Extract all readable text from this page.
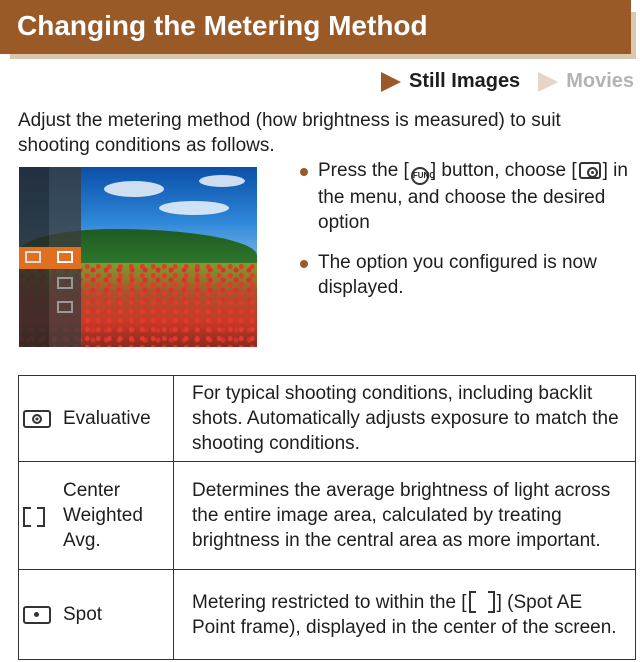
Changing the Metering Method
Still Images Movies

Adjust the metering method (how brightness is measured) to suit shooting conditions as follows.

Press the [ FUNC] button, choose [ ] in the menu, and choose the desired option
The option you configured is now displayed.
Evaluative	For typical shooting conditions, including backlit shots. Automatically adjusts exposure to match the shooting conditions.

Center Weighted Avg.	Determines the average brightness of light across the entire image area, calculated by treating brightness in the central area as more important.

Spot	Metering restricted to within the [ ] (Spot AE Point frame), displayed in the center of the screen.
